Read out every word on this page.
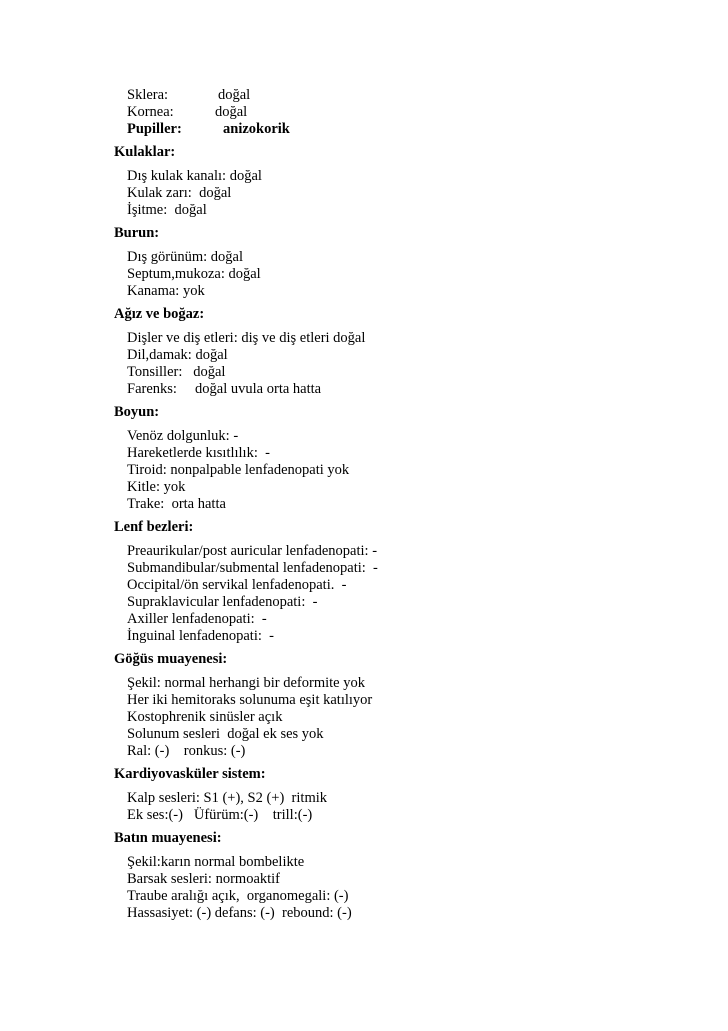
Sklera:	doğal
Kornea:	doğal
Pupiller:	anizokorik
Kulaklar:
Dış kulak kanalı: doğal
Kulak zarı:  doğal
İşitme:  doğal
Burun:
Dış görünüm: doğal
Septum,mukoza: doğal
Kanama: yok
Ağız ve boğaz:
Dişler ve diş etleri: diş ve diş etleri doğal
Dil,damak: doğal
Tonsiller:   doğal
Farenks:     doğal uvula orta hatta
Boyun:
Venöz dolgunluk: -
Hareketlerde kısıtlılık:  -
Tiroid: nonpalpable lenfadenopati yok
Kitle: yok
Trake:  orta hatta
Lenf bezleri:
Preaurikular/post auricular lenfadenopati: -
Submandibular/submental lenfadenopati:  -
Occipital/ön servikal lenfadenopati.  -
Supraklavicular lenfadenopati:  -
Axiller lenfadenopati:  -
İnguinal lenfadenopati:  -
Göğüs muayenesi:
Şekil: normal herhangi bir deformite yok
Her iki hemitoraks solunuma eşit katılıyor
Kostophrenik sinüsler açık
Solunum sesleri  doğal ek ses yok
Ral: (-)    ronkus: (-)
Kardiyovasküler sistem:
Kalp sesleri: S1 (+), S2 (+)  ritmik
Ek ses:(-)   Üfürüm:(-)    trill:(-)
Batın muayenesi:
Şekil:karın normal bombelikte
Barsak sesleri: normoaktif
Traube aralığı açık,  organomegali: (-)
Hassasiyet: (-) defans: (-)  rebound: (-)
